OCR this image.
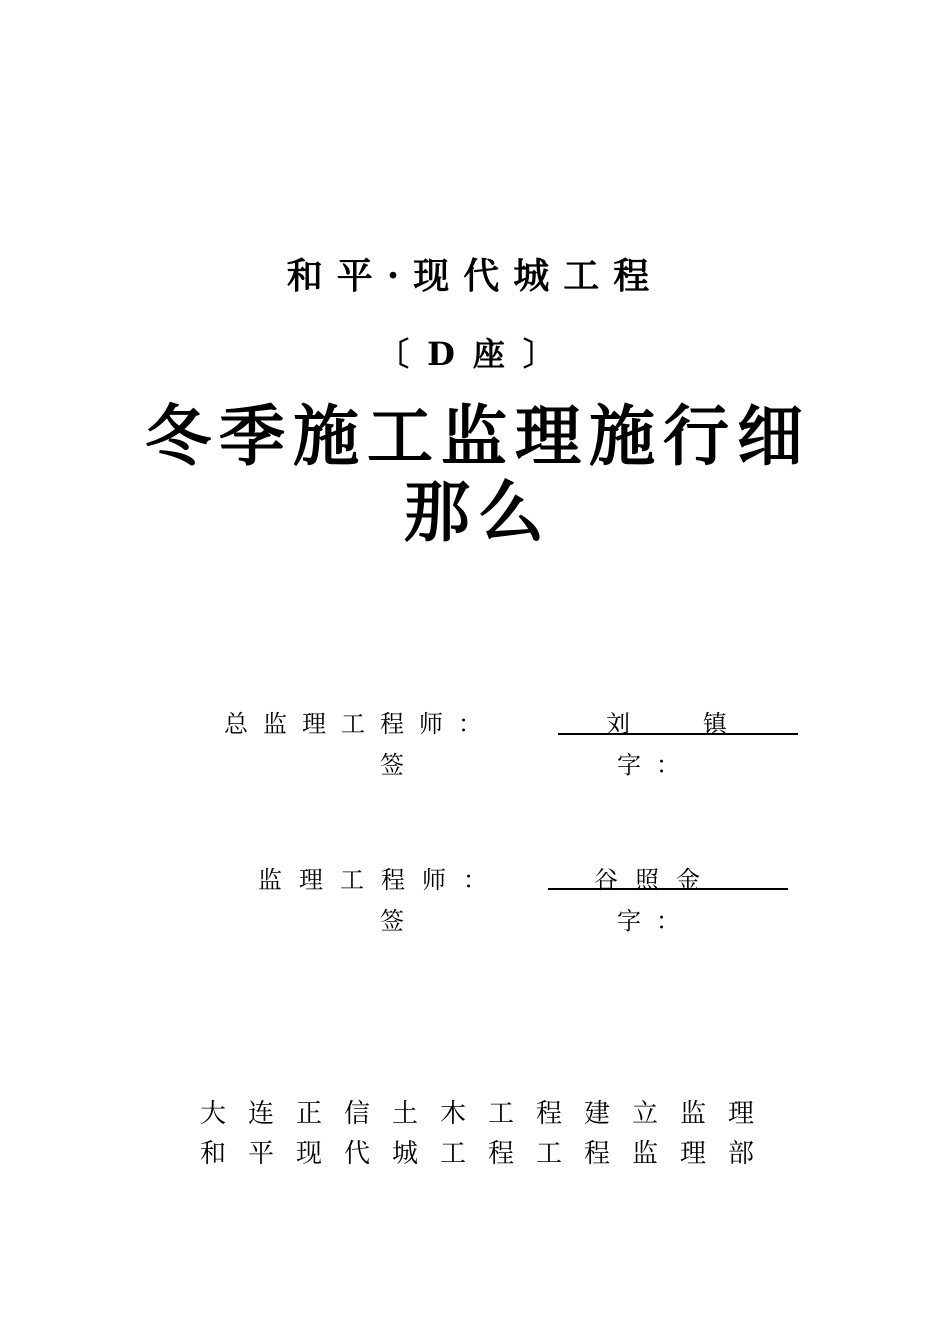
和平·现代城工程
〔D座〕
冬季施工监理施行细那么
总监理工程师：	刘 镇
签	字：
监理工程师：	谷照金
签	字：
大连正信土木工程建立监理
和平现代城工程工程监理部
